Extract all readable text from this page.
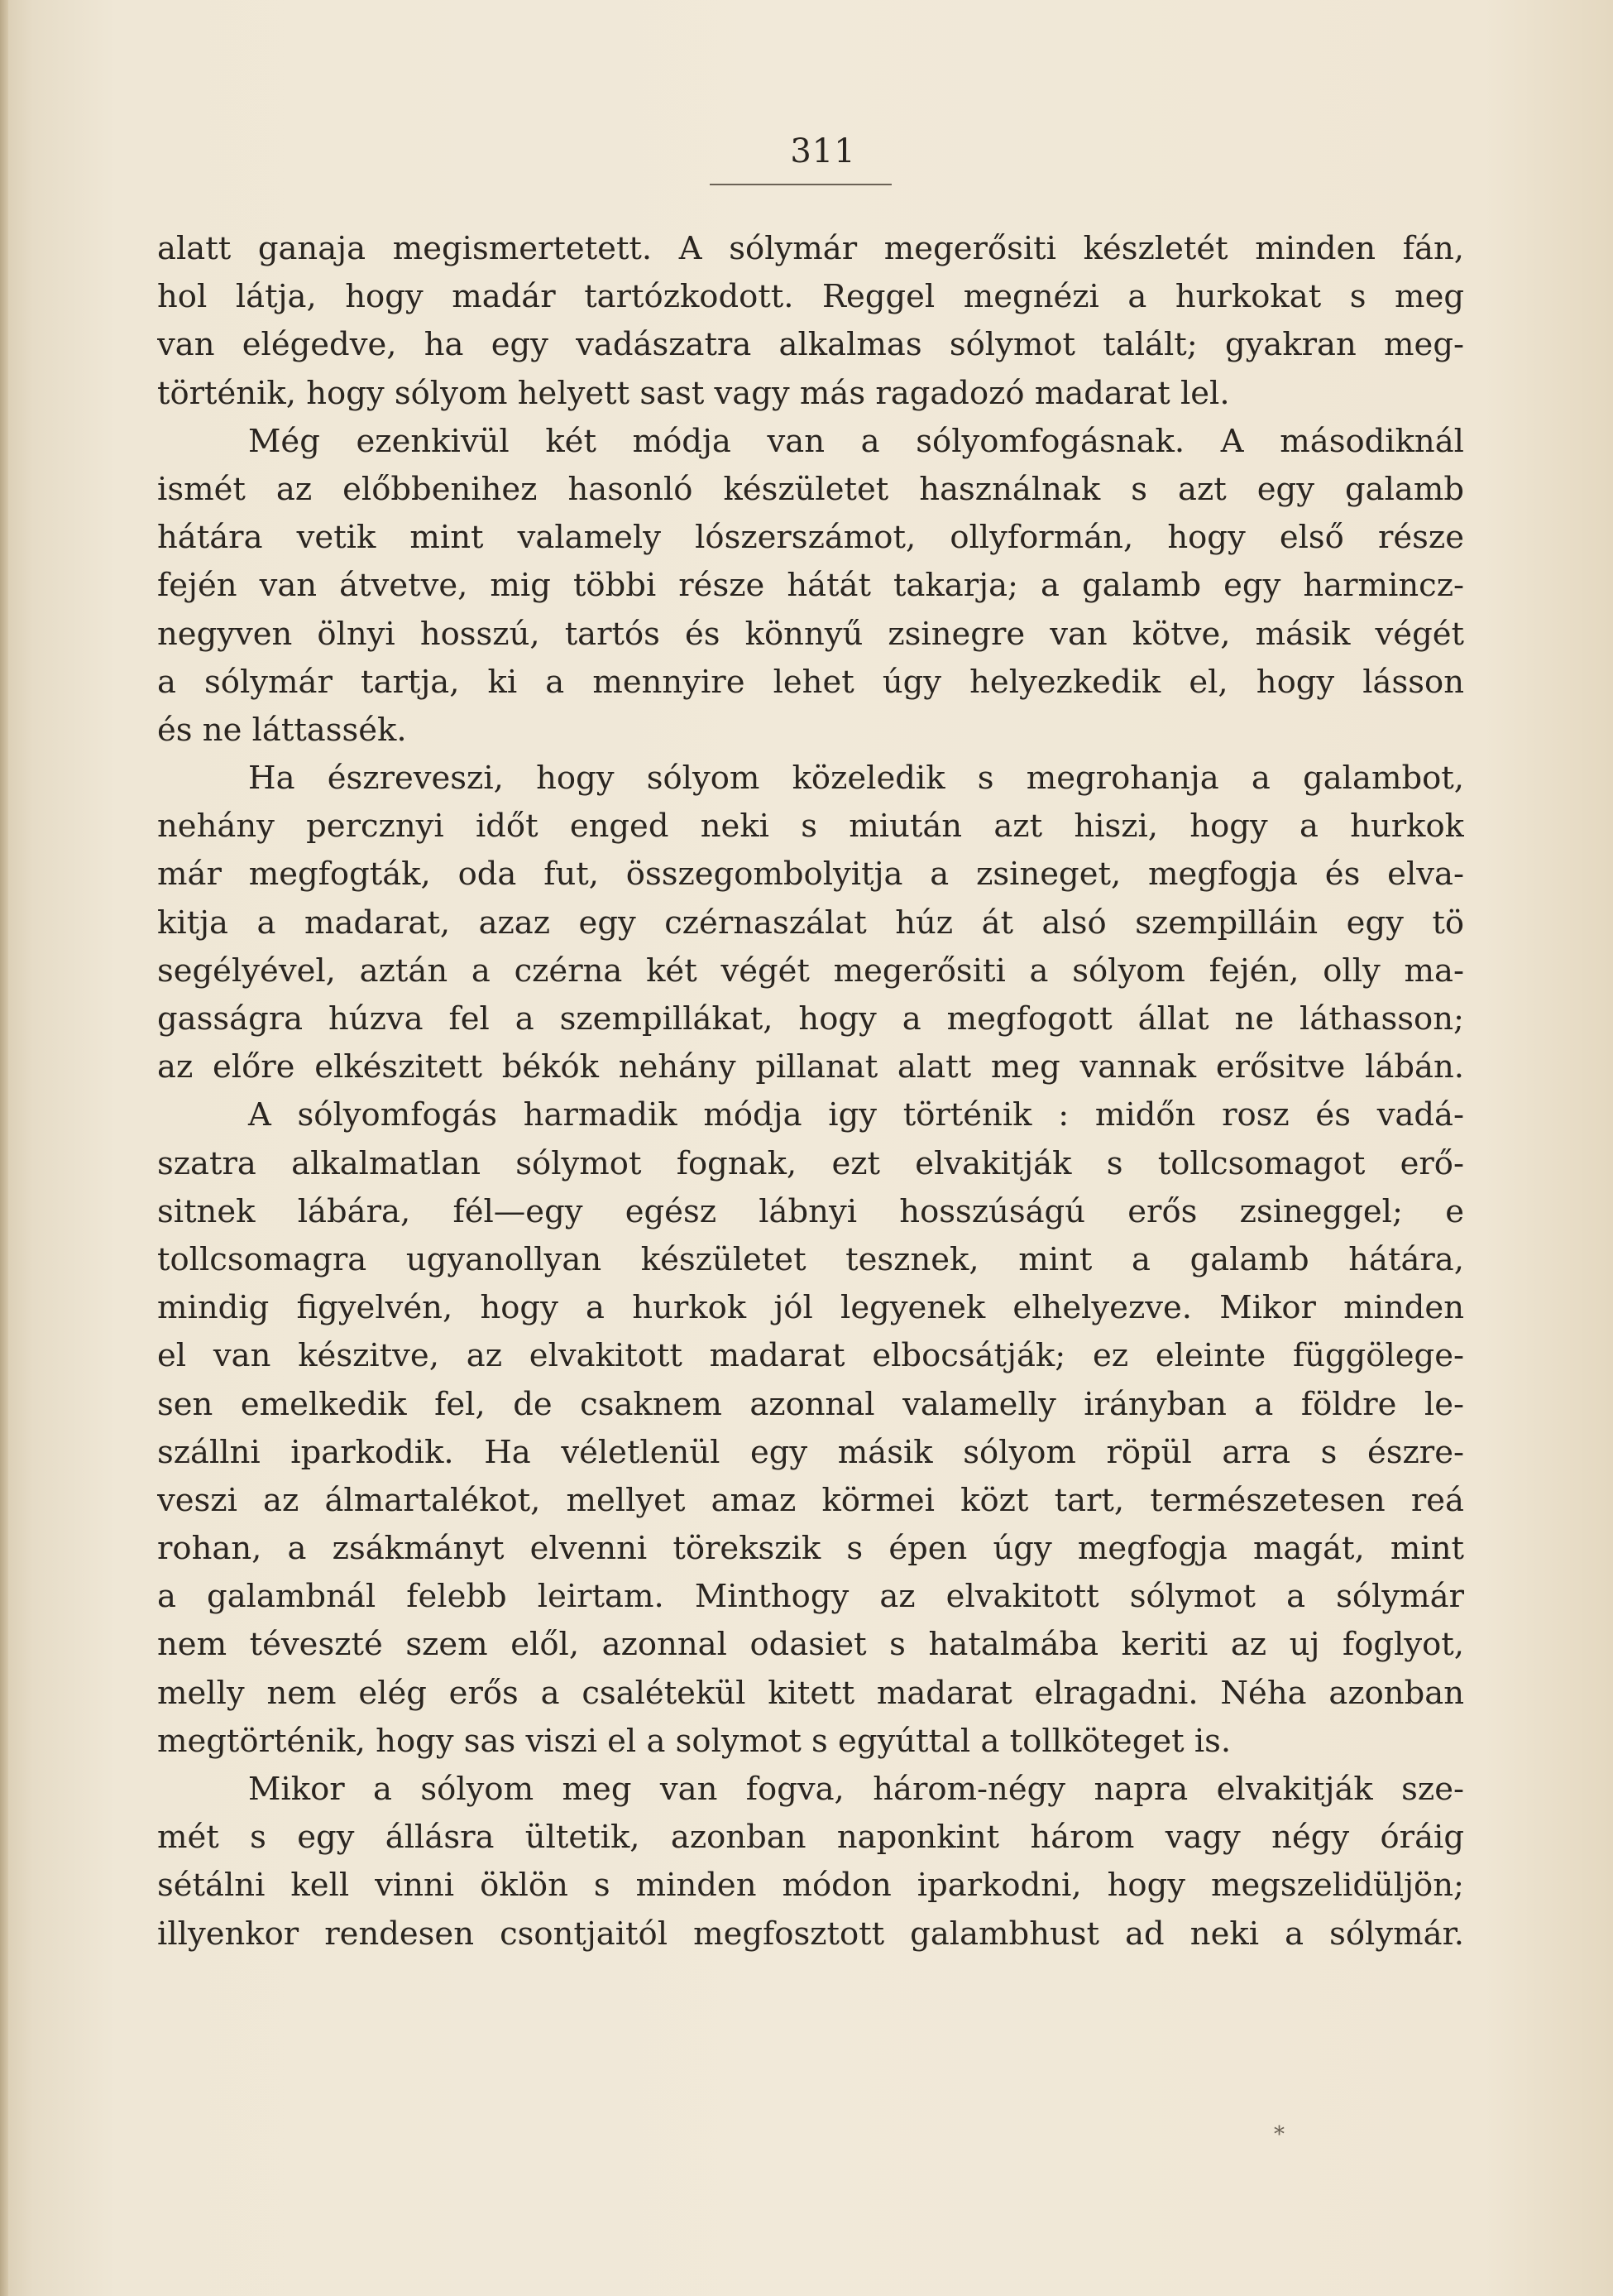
311
alatt ganaja megismertetett. A sólymár megerősiti készletét minden fán,
hol látja, hogy madár tartózkodott. Reggel megnézi a hurkokat s meg
van elégedve, ha egy vadászatra alkalmas sólymot talált; gyakran meg-
történik, hogy sólyom helyett sast vagy más ragadozó madarat lel.
Még ezenkivül két módja van a sólyomfogásnak. A másodiknál
ismét az előbbenihez hasonló készületet használnak s azt egy galamb
hátára vetik mint valamely lószerszámot, ollyformán, hogy első része
fején van átvetve, mig többi része hátát takarja; a galamb egy harmincz-
negyven ölnyi hosszú, tartós és könnyű zsinegre van kötve, másik végét
a sólymár tartja, ki a mennyire lehet úgy helyezkedik el, hogy lásson
és ne láttassék.
Ha észreveszi, hogy sólyom közeledik s megrohanja a galambot,
nehány percznyi időt enged neki s miután azt hiszi, hogy a hurkok
már megfogták, oda fut, összegombolyitja a zsineget, megfogja és elva-
kitja a madarat, azaz egy czérnaszálat húz át alsó szempilláin egy tö
segélyével, aztán a czérna két végét megerősiti a sólyom fején, olly ma-
gasságra húzva fel a szempillákat, hogy a megfogott állat ne láthasson;
az előre elkészitett békók nehány pillanat alatt meg vannak erősitve lábán.
A sólyomfogás harmadik módja igy történik : midőn rosz és vadá-
szatra alkalmatlan sólymot fognak, ezt elvakitják s tollcsomagot erő-
sitnek lábára, fél—egy egész lábnyi hosszúságú erős zsineggel; e
tollcsomagra ugyanollyan készületet tesznek, mint a galamb hátára,
mindig figyelvén, hogy a hurkok jól legyenek elhelyezve. Mikor minden
el van készitve, az elvakitott madarat elbocsátják; ez eleinte függölege-
sen emelkedik fel, de csaknem azonnal valamelly irányban a földre le-
szállni iparkodik. Ha véletlenül egy másik sólyom röpül arra s észre-
veszi az álmartalékot, mellyet amaz körmei közt tart, természetesen reá
rohan, a zsákmányt elvenni törekszik s épen úgy megfogja magát, mint
a galambnál felebb leirtam. Minthogy az elvakitott sólymot a sólymár
nem téveszté szem elől, azonnal odasiet s hatalmába keriti az uj foglyot,
melly nem elég erős a csalétekül kitett madarat elragadni. Néha azonban
megtörténik, hogy sas viszi el a solymot s egyúttal a tollköteget is.
Mikor a sólyom meg van fogva, három-négy napra elvakitják sze-
mét s egy állásra ültetik, azonban naponkint három vagy négy óráig
sétálni kell vinni öklön s minden módon iparkodni, hogy megszelidüljön;
illyenkor rendesen csontjaitól megfosztott galambhust ad neki a sólymár.
*
